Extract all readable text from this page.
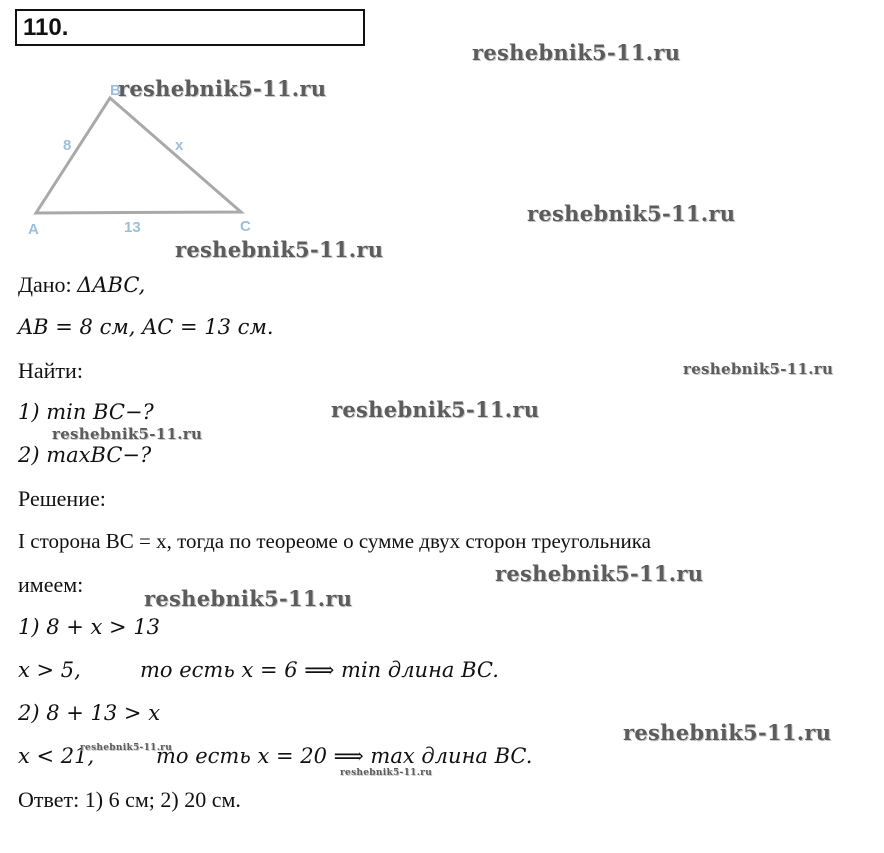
110.
A
B
C
8	x
13
Дано: ΔABC,
AB = 8 см, AC = 13 см.
Найти:
1) min BC−?
2) maxBC−?
Решение:
I сторона BC = x, тогда по теореоме о сумме двух сторон треугольника
имеем:
1) 8 + x > 13
x > 5,	то есть x = 6 ⟹ min длина BC.
2) 8 + 13 > x
x < 21,	то есть x = 20 ⟹ max длина BC.
Ответ: 1) 6 см; 2) 20 см.
reshebnik5-11.ru
reshebnik5-11.ru
reshebnik5-11.ru
reshebnik5-11.ru
reshebnik5-11.ru
reshebnik5-11.ru
reshebnik5-11.ru
reshebnik5-11.ru
reshebnik5-11.ru
reshebnik5-11.ru
reshebnik5-11.ru
reshebnik5-11.ru
